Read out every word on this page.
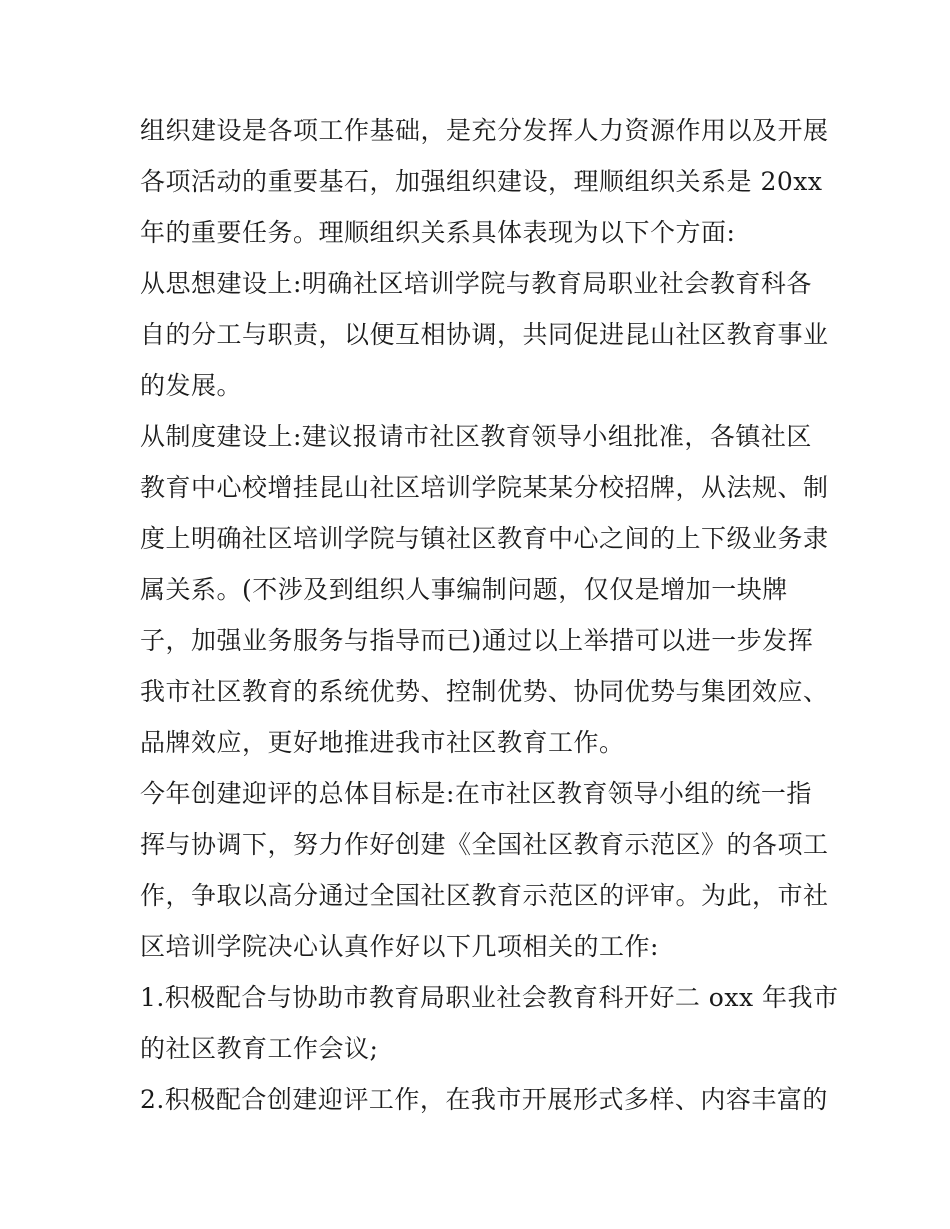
组织建设是各项工作基础，是充分发挥人力资源作用以及开展
各项活动的重要基石，加强组织建设，理顺组织关系是 20xx
年的重要任务。理顺组织关系具体表现为以下个方面:
从思想建设上:明确社区培训学院与教育局职业社会教育科各
自的分工与职责，以便互相协调，共同促进昆山社区教育事业
的发展。
从制度建设上:建议报请市社区教育领导小组批准，各镇社区
教育中心校增挂昆山社区培训学院某某分校招牌，从法规、制
度上明确社区培训学院与镇社区教育中心之间的上下级业务隶
属关系。(不涉及到组织人事编制问题，仅仅是增加一块牌
子，加强业务服务与指导而已)通过以上举措可以进一步发挥
我市社区教育的系统优势、控制优势、协同优势与集团效应、
品牌效应，更好地推进我市社区教育工作。
今年创建迎评的总体目标是:在市社区教育领导小组的统一指
挥与协调下，努力作好创建《全国社区教育示范区》的各项工
作，争取以高分通过全国社区教育示范区的评审。为此，市社
区培训学院决心认真作好以下几项相关的工作:
1.积极配合与协助市教育局职业社会教育科开好二 oxx 年我市
的社区教育工作会议;
2.积极配合创建迎评工作，在我市开展形式多样、内容丰富的
